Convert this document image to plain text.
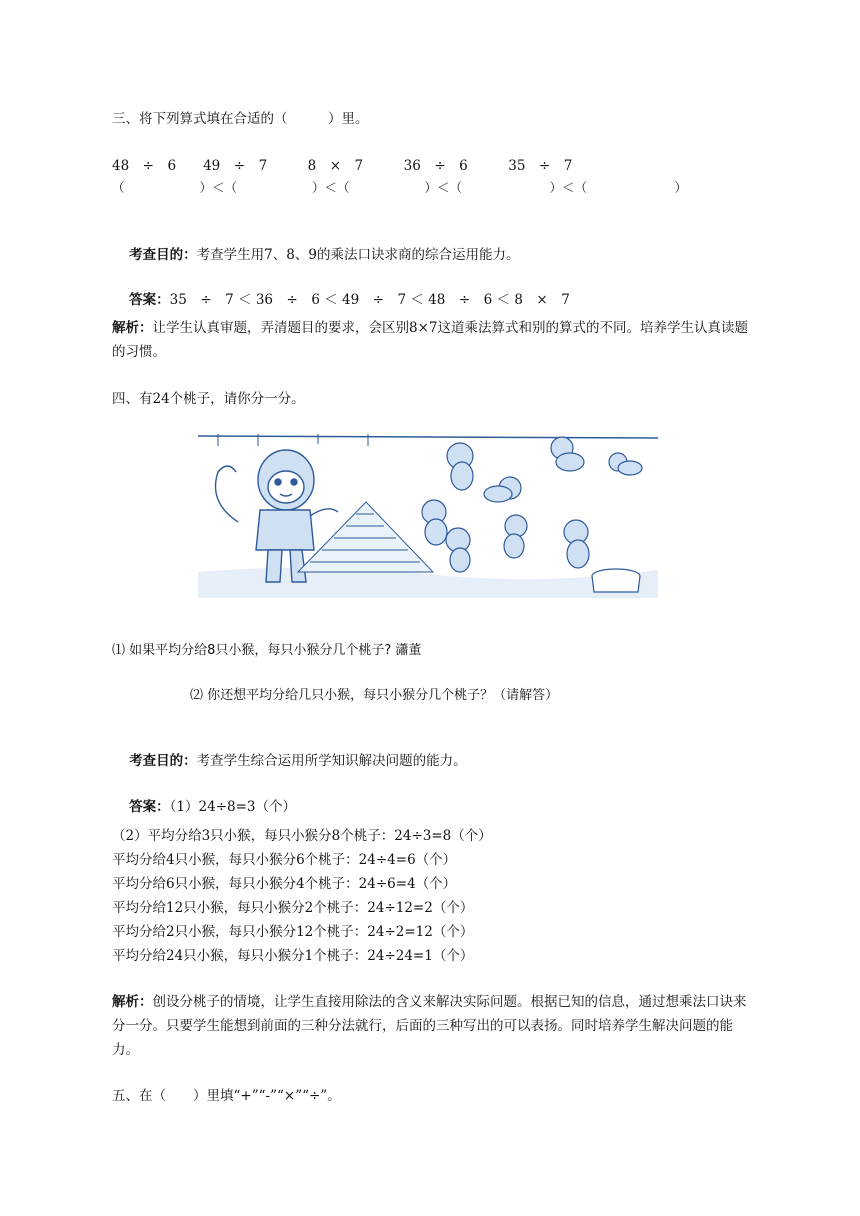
三、将下列算式填在合适的（　　　）里。
48　÷　6　　49　÷　7　　　8　×　7　　　36　÷　6　　　35　÷　7
（　　　　　　）＜（　　　　　　）＜（　　　　　　）＜（　　　　　　　）＜（　　　　　　　）

考查目的：考查学生用7、8、9的乘法口诀求商的综合运用能力。

答案：35　÷　7 ＜ 36　÷　6 ＜ 49　÷　7 ＜ 48　÷　6 ＜ 8　×　7

解析：让学生认真审题，弄清题目的要求，会区别8×7这道乘法算式和别的算式的不同。培养学生认真读题的习惯。
四、有24个桃子，请你分一分。
⑴ 如果平均分给8只小猴，每只小猴分几个桃子? 瀟董
⑵ 你还想平均分给几只小猴，每只小猴分几个桃子？（请解答）

考查目的：考查学生综合运用所学知识解决问题的能力。

答案：（1）24÷8=3（个）

（2）平均分给3只小猴，每只小猴分8个桃子：24÷3=8（个）
平均分给4只小猴，每只小猴分6个桃子：24÷4=6（个）
平均分给6只小猴，每只小猴分4个桃子：24÷6=4（个）
平均分给12只小猴，每只小猴分2个桃子：24÷12=2（个）
平均分给2只小猴，每只小猴分12个桃子：24÷2=12（个）
平均分给24只小猴，每只小猴分1个桃子：24÷24=1（个）
解析：创设分桃子的情境，让学生直接用除法的含义来解决实际问题。根据已知的信息，通过想乘法口诀来分一分。只要学生能想到前面的三种分法就行，后面的三种写出的可以表扬。同时培养学生解决问题的能力。
五、在（　　）里填“+”“-”“×”“÷”。
